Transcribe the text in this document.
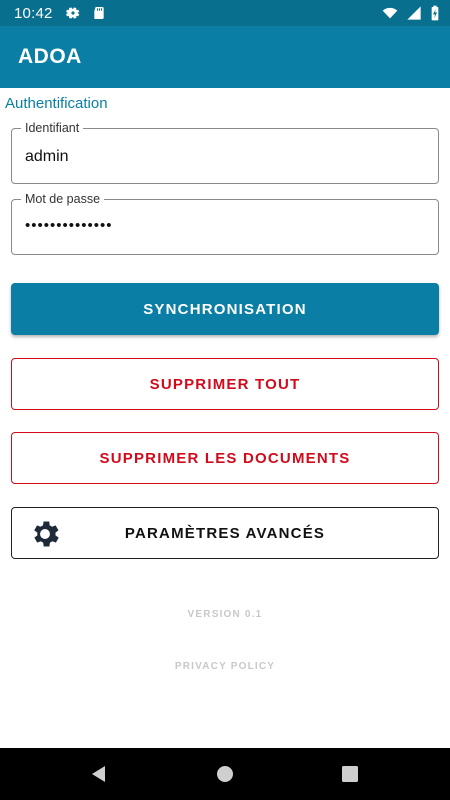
10:42
ADOA
Authentification
Identifiant
admin
Mot de passe
••••••••••••••
SYNCHRONISATION
SUPPRIMER TOUT
SUPPRIMER LES DOCUMENTS
PARAMÈTRES AVANCÉS
VERSION 0.1
PRIVACY POLICY
